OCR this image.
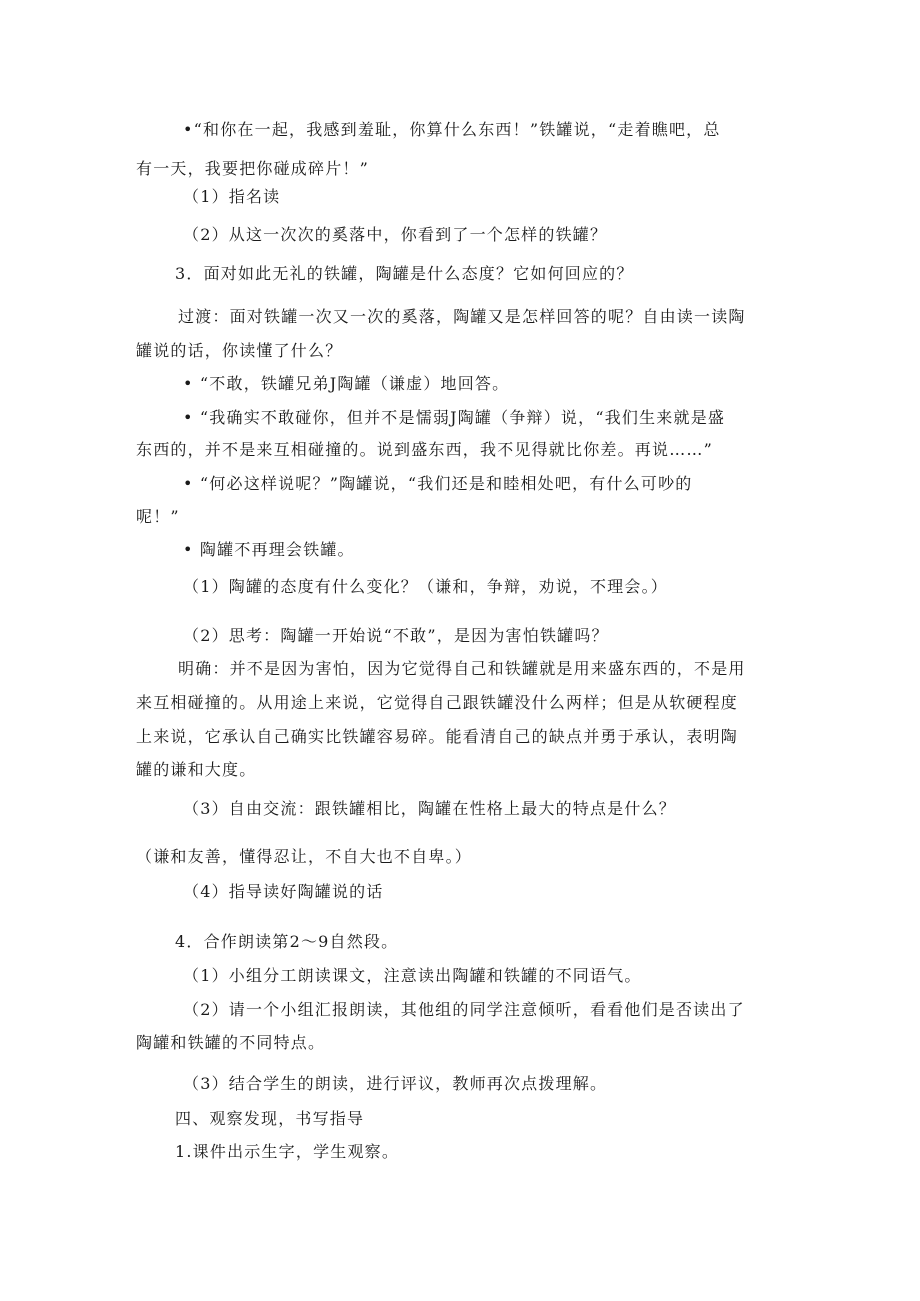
•“和你在一起，我感到羞耻，你算什么东西！”铁罐说，“走着瞧吧，总
有一天，我要把你碰成碎片！”
（1）指名读
（2）从这一次次的奚落中，你看到了一个怎样的铁罐？
3．面对如此无礼的铁罐，陶罐是什么态度？它如何回应的？
过渡：面对铁罐一次又一次的奚落，陶罐又是怎样回答的呢？自由读一读陶
罐说的话，你读懂了什么？
• “不敢，铁罐兄弟J陶罐（谦虚）地回答。
• “我确实不敢碰你，但并不是懦弱J陶罐（争辩）说，“我们生来就是盛
东西的，并不是来互相碰撞的。说到盛东西，我不见得就比你差。再说……”
• “何必这样说呢？”陶罐说，“我们还是和睦相处吧，有什么可吵的
呢！”
• 陶罐不再理会铁罐。
（1）陶罐的态度有什么变化？（谦和，争辩，劝说，不理会。）
（2）思考：陶罐一开始说“不敢”，是因为害怕铁罐吗？
明确：并不是因为害怕，因为它觉得自己和铁罐就是用来盛东西的，不是用
来互相碰撞的。从用途上来说，它觉得自己跟铁罐没什么两样；但是从软硬程度
上来说，它承认自己确实比铁罐容易碎。能看清自己的缺点并勇于承认，表明陶
罐的谦和大度。
（3）自由交流：跟铁罐相比，陶罐在性格上最大的特点是什么？
（谦和友善，懂得忍让，不自大也不自卑。）
（4）指导读好陶罐说的话
4．合作朗读第2～9自然段。
（1）小组分工朗读课文，注意读出陶罐和铁罐的不同语气。
（2）请一个小组汇报朗读，其他组的同学注意倾听，看看他们是否读出了
陶罐和铁罐的不同特点。
（3）结合学生的朗读，进行评议，教师再次点拨理解。
四、观察发现，书写指导
1.课件出示生字，学生观察。
